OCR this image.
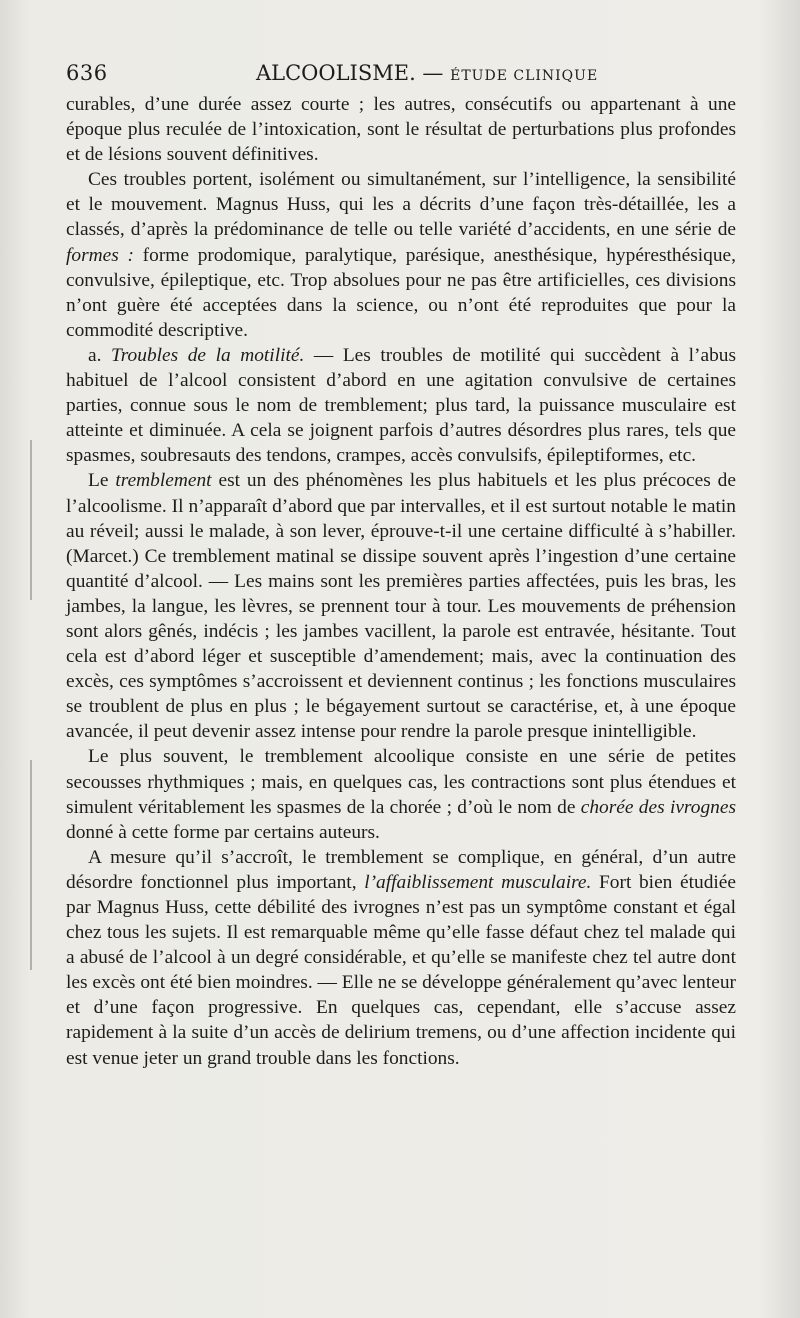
636	ALCOOLISME. — ÉTUDE CLINIQUE

curables, d’une durée assez courte ; les autres, consécutifs ou appartenant à une époque plus reculée de l’intoxication, sont le résultat de perturbations plus profondes et de lésions souvent définitives.

Ces troubles portent, isolément ou simultanément, sur l’intelligence, la sensibilité et le mouvement. Magnus Huss, qui les a décrits d’une façon très-détaillée, les a classés, d’après la prédominance de telle ou telle variété d’accidents, en une série de formes : forme prodomique, paralytique, parésique, anesthésique, hypéresthésique, convulsive, épileptique, etc. Trop absolues pour ne pas être artificielles, ces divisions n’ont guère été acceptées dans la science, ou n’ont été reproduites que pour la commodité descriptive.

a. Troubles de la motilité. — Les troubles de motilité qui succèdent à l’abus habituel de l’alcool consistent d’abord en une agitation convulsive de certaines parties, connue sous le nom de tremblement; plus tard, la puissance musculaire est atteinte et diminuée. A cela se joignent parfois d’autres désordres plus rares, tels que spasmes, soubresauts des tendons, crampes, accès convulsifs, épileptiformes, etc.

Le tremblement est un des phénomènes les plus habituels et les plus précoces de l’alcoolisme. Il n’apparaît d’abord que par intervalles, et il est surtout notable le matin au réveil; aussi le malade, à son lever, éprouve-t-il une certaine difficulté à s’habiller. (Marcet.) Ce tremblement matinal se dissipe souvent après l’ingestion d’une certaine quantité d’alcool. — Les mains sont les premières parties affectées, puis les bras, les jambes, la langue, les lèvres, se prennent tour à tour. Les mouvements de préhension sont alors gênés, indécis ; les jambes vacillent, la parole est entravée, hésitante. Tout cela est d’abord léger et susceptible d’amendement; mais, avec la continuation des excès, ces symptômes s’accroissent et deviennent continus ; les fonctions musculaires se troublent de plus en plus ; le bégayement surtout se caractérise, et, à une époque avancée, il peut devenir assez intense pour rendre la parole presque inintelligible.

Le plus souvent, le tremblement alcoolique consiste en une série de petites secousses rhythmiques ; mais, en quelques cas, les contractions sont plus étendues et simulent véritablement les spasmes de la chorée ; d’où le nom de chorée des ivrognes donné à cette forme par certains auteurs.

A mesure qu’il s’accroît, le tremblement se complique, en général, d’un autre désordre fonctionnel plus important, l’affaiblissement musculaire. Fort bien étudiée par Magnus Huss, cette débilité des ivrognes n’est pas un symptôme constant et égal chez tous les sujets. Il est remarquable même qu’elle fasse défaut chez tel malade qui a abusé de l’alcool à un degré considérable, et qu’elle se manifeste chez tel autre dont les excès ont été bien moindres. — Elle ne se développe généralement qu’avec lenteur et d’une façon progressive. En quelques cas, cependant, elle s’accuse assez rapidement à la suite d’un accès de delirium tremens, ou d’une affection incidente qui est venue jeter un grand trouble dans les fonctions.
